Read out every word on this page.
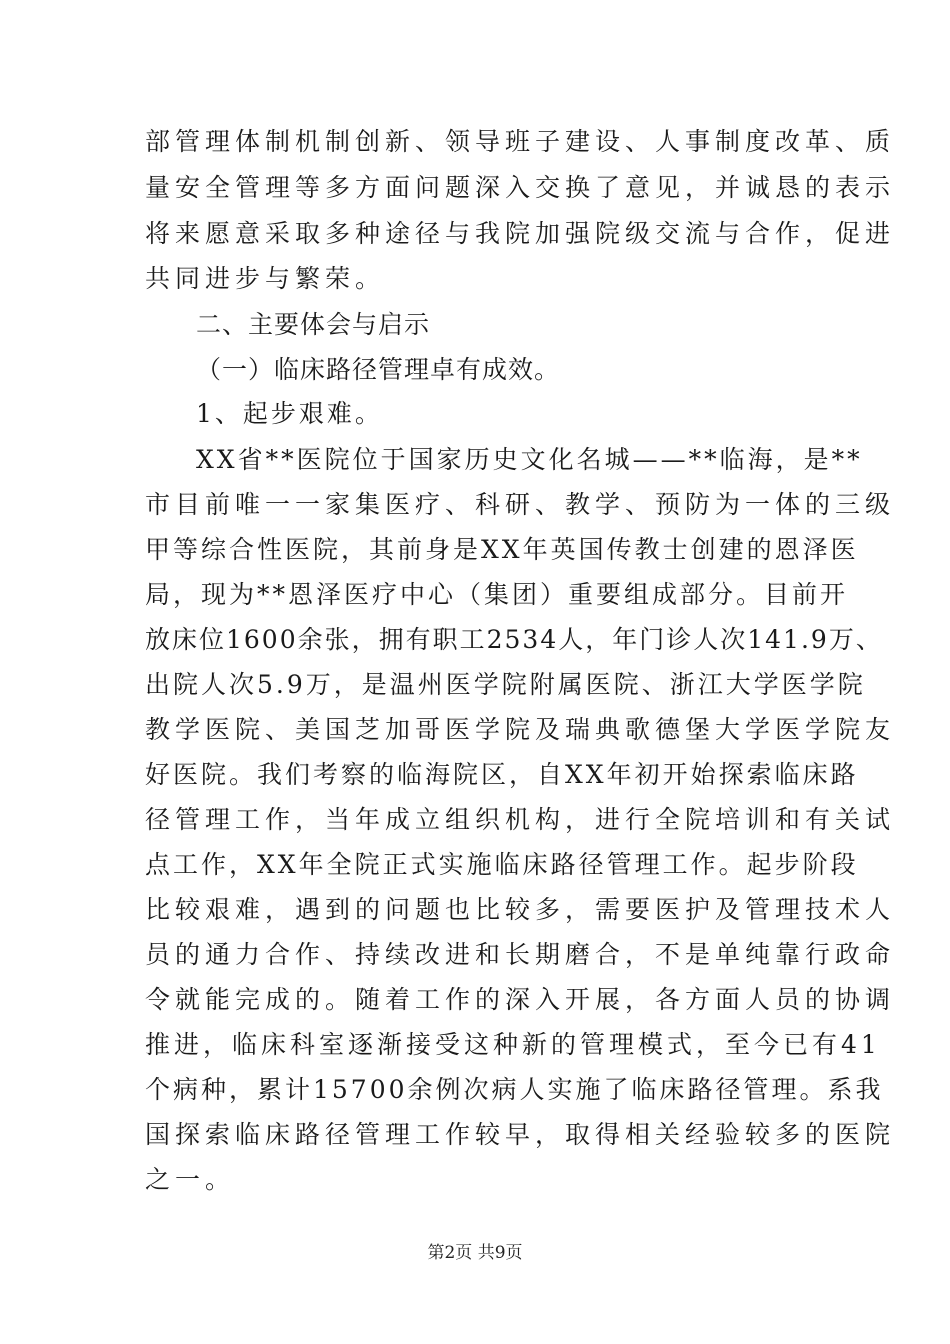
部管理体制机制创新、领导班子建设、人事制度改革、质
量安全管理等多方面问题深入交换了意见，并诚恳的表示
将来愿意采取多种途径与我院加强院级交流与合作，促进
共同进步与繁荣。
二、主要体会与启示
（一）临床路径管理卓有成效。
1、起步艰难。
XX省**医院位于国家历史文化名城——**临海，是**
市目前唯一一家集医疗、科研、教学、预防为一体的三级
甲等综合性医院，其前身是XX年英国传教士创建的恩泽医
局，现为**恩泽医疗中心（集团）重要组成部分。目前开
放床位1600余张，拥有职工2534人，年门诊人次141.9万、
出院人次5.9万，是温州医学院附属医院、浙江大学医学院
教学医院、美国芝加哥医学院及瑞典歌德堡大学医学院友
好医院。我们考察的临海院区，自XX年初开始探索临床路
径管理工作，当年成立组织机构，进行全院培训和有关试
点工作，XX年全院正式实施临床路径管理工作。起步阶段
比较艰难，遇到的问题也比较多，需要医护及管理技术人
员的通力合作、持续改进和长期磨合，不是单纯靠行政命
令就能完成的。随着工作的深入开展，各方面人员的协调
推进，临床科室逐渐接受这种新的管理模式，至今已有41
个病种，累计15700余例次病人实施了临床路径管理。系我
国探索临床路径管理工作较早，取得相关经验较多的医院
之一。
第2页 共9页
